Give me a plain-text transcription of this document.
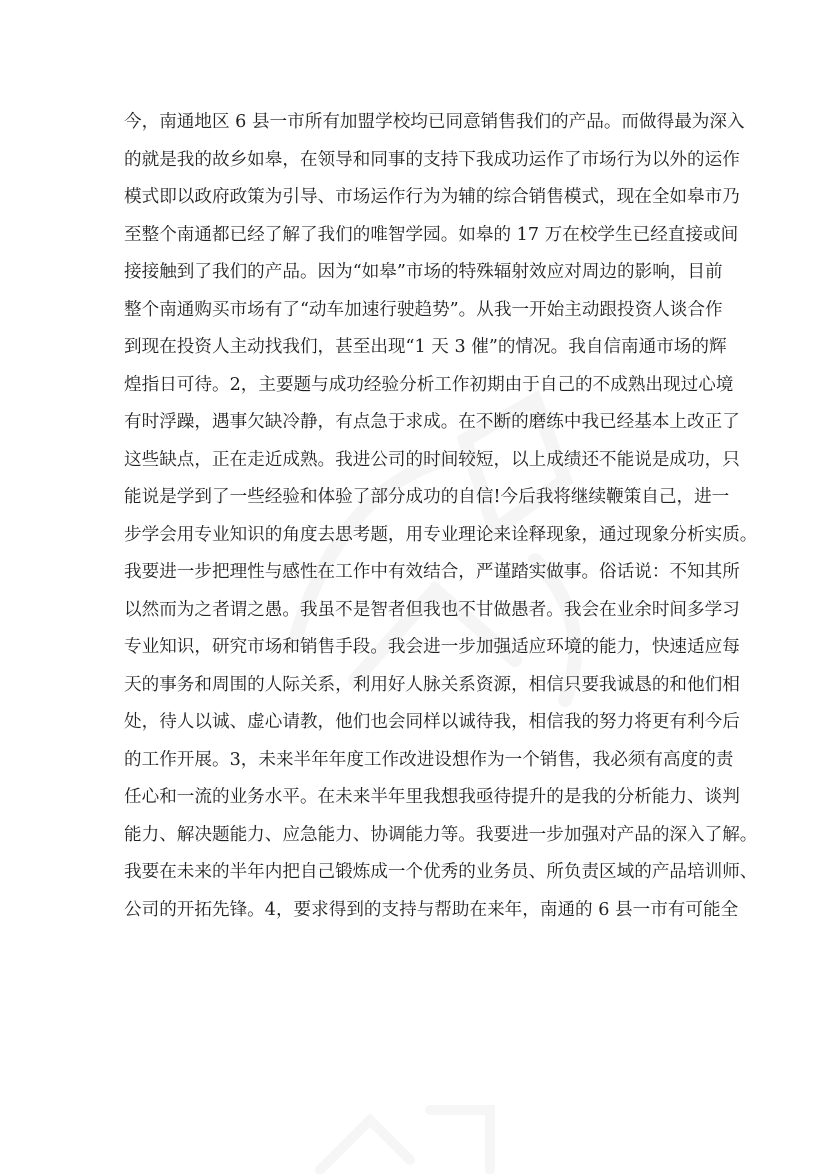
今，南通地区 6 县一市所有加盟学校均已同意销售我们的产品。而做得最为深入
的就是我的故乡如皋，在领导和同事的支持下我成功运作了市场行为以外的运作
模式即以政府政策为引导、市场运作行为为辅的综合销售模式，现在全如皋市乃
至整个南通都已经了解了我们的唯智学园。如皋的 17 万在校学生已经直接或间
接接触到了我们的产品。因为“如皋”市场的特殊辐射效应对周边的影响，目前
整个南通购买市场有了“动车加速行驶趋势”。从我一开始主动跟投资人谈合作
到现在投资人主动找我们，甚至出现“1 天 3 催”的情况。我自信南通市场的辉
煌指日可待。2，主要题与成功经验分析工作初期由于自己的不成熟出现过心境
有时浮躁，遇事欠缺冷静，有点急于求成。在不断的磨练中我已经基本上改正了
这些缺点，正在走近成熟。我进公司的时间较短，以上成绩还不能说是成功，只
能说是学到了一些经验和体验了部分成功的自信!今后我将继续鞭策自己，进一
步学会用专业知识的角度去思考题，用专业理论来诠释现象，通过现象分析实质。
我要进一步把理性与感性在工作中有效结合，严谨踏实做事。俗话说：不知其所
以然而为之者谓之愚。我虽不是智者但我也不甘做愚者。我会在业余时间多学习
专业知识，研究市场和销售手段。我会进一步加强适应环境的能力，快速适应每
天的事务和周围的人际关系，利用好人脉关系资源，相信只要我诚恳的和他们相
处，待人以诚、虚心请教，他们也会同样以诚待我，相信我的努力将更有利今后
的工作开展。3，未来半年年度工作改进设想作为一个销售，我必须有高度的责
任心和一流的业务水平。在未来半年里我想我亟待提升的是我的分析能力、谈判
能力、解决题能力、应急能力、协调能力等。我要进一步加强对产品的深入了解。
我要在未来的半年内把自己锻炼成一个优秀的业务员、所负责区域的产品培训师、
公司的开拓先锋。4，要求得到的支持与帮助在来年，南通的 6 县一市有可能全
